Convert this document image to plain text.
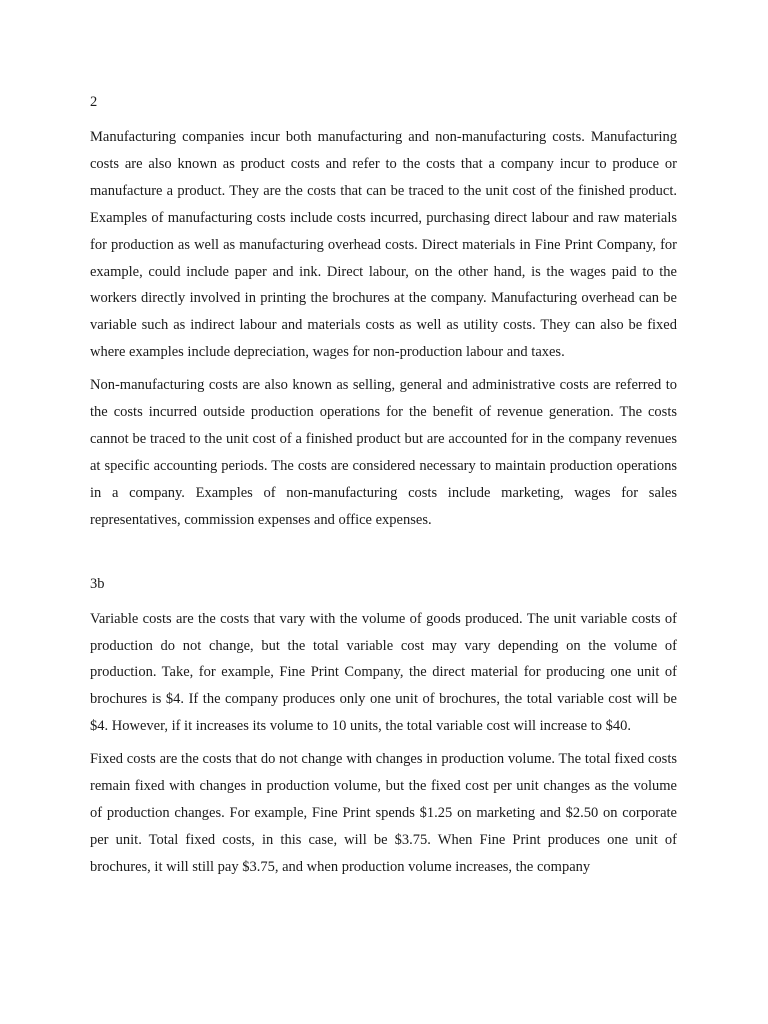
2

Manufacturing companies incur both manufacturing and non-manufacturing costs. Manufacturing costs are also known as product costs and refer to the costs that a company incur to produce or manufacture a product. They are the costs that can be traced to the unit cost of the finished product. Examples of manufacturing costs include costs incurred, purchasing direct labour and raw materials for production as well as manufacturing overhead costs. Direct materials in Fine Print Company, for example, could include paper and ink. Direct labour, on the other hand, is the wages paid to the workers directly involved in printing the brochures at the company. Manufacturing overhead can be variable such as indirect labour and materials costs as well as utility costs. They can also be fixed where examples include depreciation, wages for non-production labour and taxes.

Non-manufacturing costs are also known as selling, general and administrative costs are referred to the costs incurred outside production operations for the benefit of revenue generation. The costs cannot be traced to the unit cost of a finished product but are accounted for in the company revenues at specific accounting periods. The costs are considered necessary to maintain production operations in a company. Examples of non-manufacturing costs include marketing, wages for sales representatives, commission expenses and office expenses.

3b

Variable costs are the costs that vary with the volume of goods produced. The unit variable costs of production do not change, but the total variable cost may vary depending on the volume of production. Take, for example, Fine Print Company, the direct material for producing one unit of brochures is $4. If the company produces only one unit of brochures, the total variable cost will be $4. However, if it increases its volume to 10 units, the total variable cost will increase to $40.

Fixed costs are the costs that do not change with changes in production volume. The total fixed costs remain fixed with changes in production volume, but the fixed cost per unit changes as the volume of production changes. For example, Fine Print spends $1.25 on marketing and $2.50 on corporate per unit. Total fixed costs, in this case, will be $3.75. When Fine Print produces one unit of brochures, it will still pay $3.75, and when production volume increases, the company
